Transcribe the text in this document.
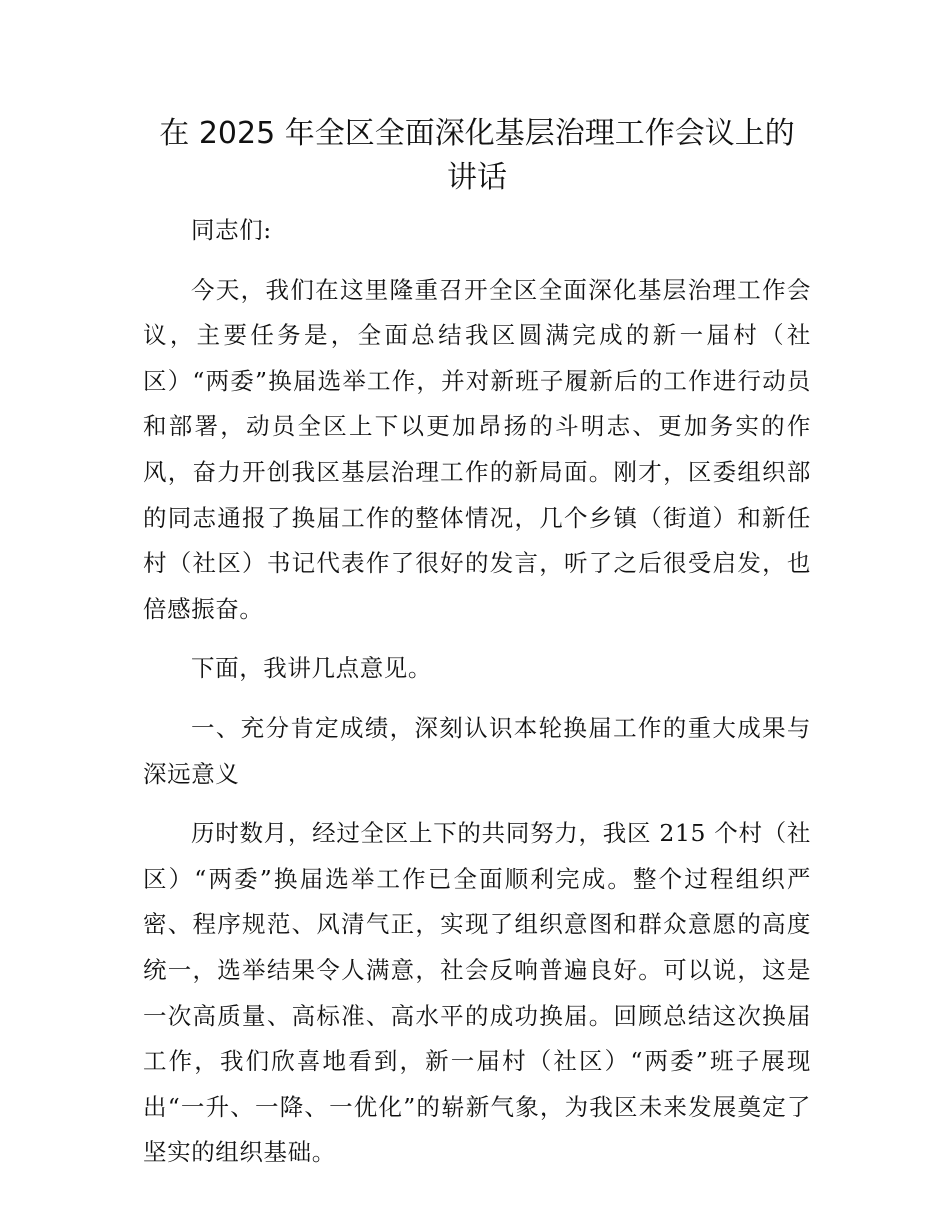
在 2025 年全区全面深化基层治理工作会议上的
讲话

同志们:

今天，我们在这里隆重召开全区全面深化基层治理工作会议，主要任务是，全面总结我区圆满完成的新一届村（社区）“两委”换届选举工作，并对新班子履新后的工作进行动员和部署，动员全区上下以更加昂扬的斗明志、更加务实的作风，奋力开创我区基层治理工作的新局面。刚才，区委组织部的同志通报了换届工作的整体情况，几个乡镇（街道）和新任村（社区）书记代表作了很好的发言，听了之后很受启发，也倍感振奋。

下面，我讲几点意见。

一、充分肯定成绩，深刻认识本轮换届工作的重大成果与深远意义

历时数月，经过全区上下的共同努力，我区 215 个村（社区）“两委”换届选举工作已全面顺利完成。整个过程组织严密、程序规范、风清气正，实现了组织意图和群众意愿的高度统一，选举结果令人满意，社会反响普遍良好。可以说，这是一次高质量、高标准、高水平的成功换届。回顾总结这次换届工作，我们欣喜地看到，新一届村（社区）“两委”班子展现出“一升、一降、一优化”的崭新气象，为我区未来发展奠定了坚实的组织基础。
